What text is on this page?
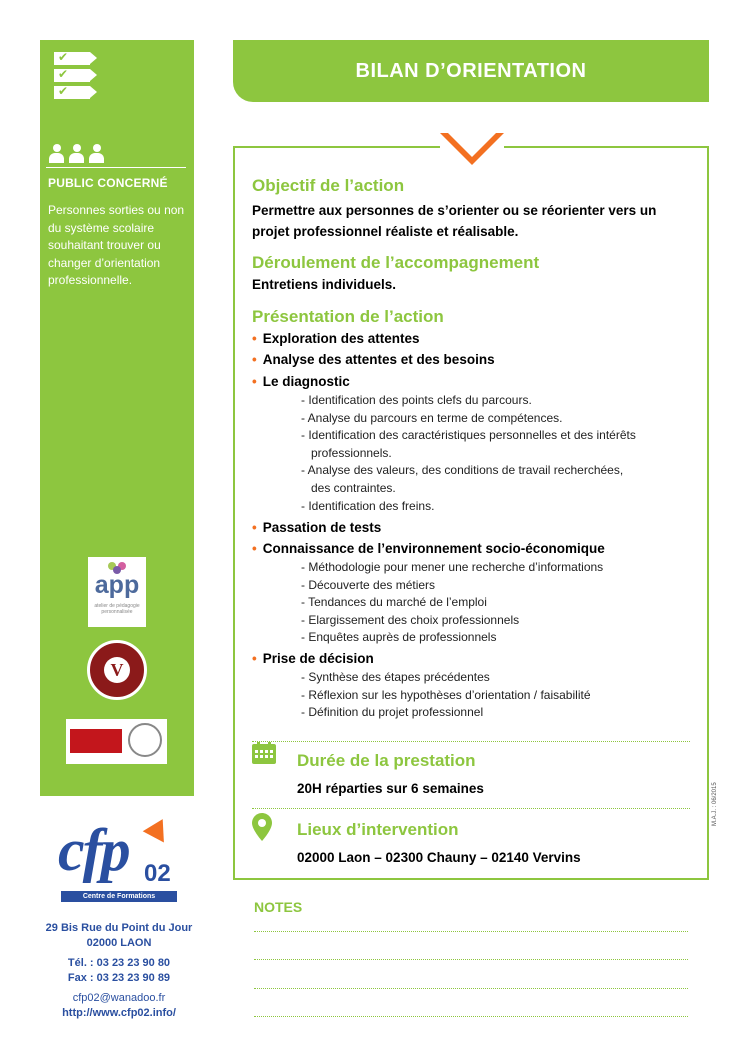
✔
✔
✔
PUBLIC CONCERNÉ
Personnes sorties ou non du système scolaire souhaitant trouver ou changer d’orientation professionnelle.
app
atelier de pédagogie personnalisée
V
cfp 02
Centre de Formations Personnalisées
29 Bis Rue du Point du Jour
02000 LAON
Tél. : 03 23 23 90 80
Fax : 03 23 23 90 89
cfp02@wanadoo.fr
http://www.cfp02.info/
BILAN D’ORIENTATION
Objectif de l’action
Permettre aux personnes de s’orienter ou se réorienter vers un projet professionnel réaliste et réalisable.
Déroulement de l’accompagnement
Entretiens individuels.
Présentation de l’action
• Exploration des attentes
• Analyse des attentes et des besoins
• Le diagnostic
- Identification des points clefs du parcours.
- Analyse du parcours en terme de compétences.
- Identification des caractéristiques personnelles et des intérêts
professionnels.
- Analyse des valeurs, des conditions de travail recherchées,
des contraintes.
- Identification des freins.
• Passation de tests
• Connaissance de l’environnement socio-économique
- Méthodologie pour mener une recherche d’informations
- Découverte des métiers
- Tendances du marché de l’emploi
- Elargissement des choix professionnels
- Enquêtes auprès de professionnels
• Prise de décision
- Synthèse des étapes précédentes
- Réflexion sur les hypothèses d’orientation / faisabilité
- Définition du projet professionnel
Durée de la prestation
20H réparties sur 6 semaines
Lieux d’intervention
02000 Laon – 02300 Chauny – 02140 Vervins
M.A.J. : 06/2015
NOTES
